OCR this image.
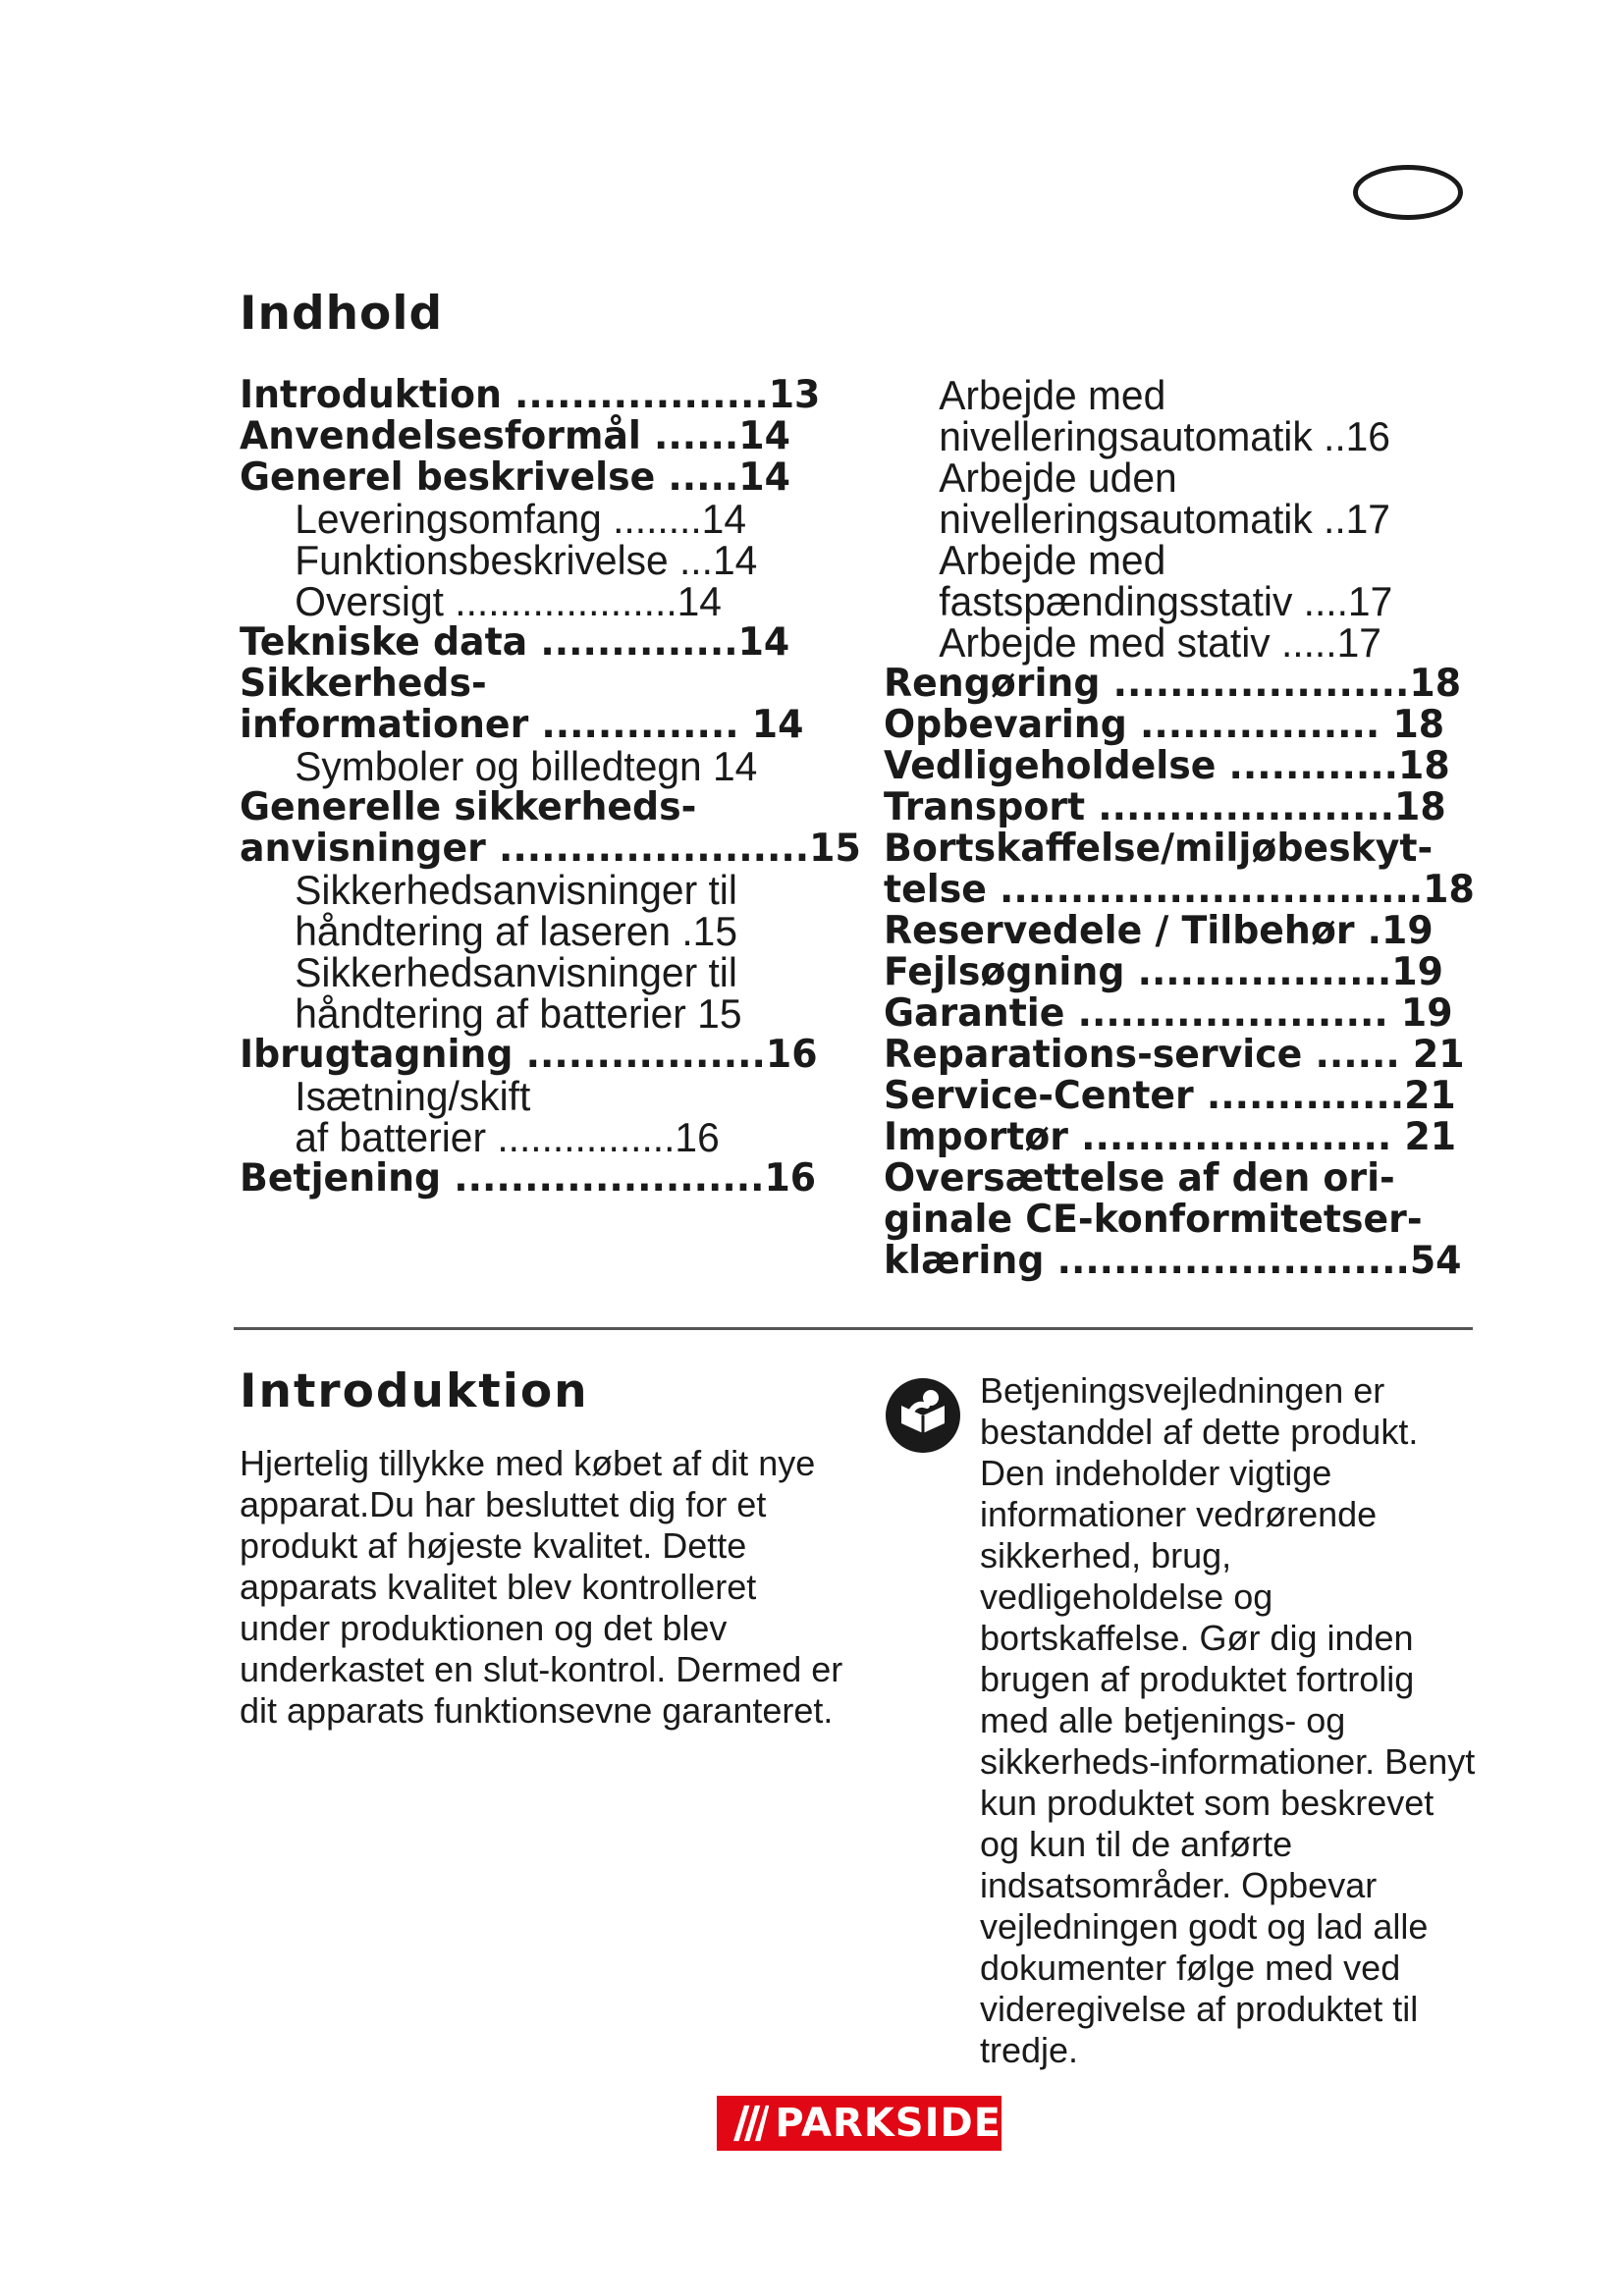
Indhold
Introduktion ..................13
Anvendelsesformål ......14
Generel beskrivelse .....14
Leveringsomfang ........14
Funktionsbeskrivelse ...14
Oversigt ....................14
Tekniske data ..............14
Sikkerheds-
informationer .............. 14
Symboler og billedtegn 14
Generelle sikkerheds-
anvisninger ......................15
Sikkerhedsanvisninger til
håndtering af laseren .15
Sikkerhedsanvisninger til
håndtering af batterier 15
Ibrugtagning .................16
Isætning/skift
af batterier ................16
Betjening ......................16
Arbejde med
nivelleringsautomatik ..16
Arbejde uden
nivelleringsautomatik ..17
Arbejde med
fastspændingsstativ ....17
Arbejde med stativ .....17
Rengøring .....................18
Opbevaring ................. 18
Vedligeholdelse ............18
Transport .....................18
Bortskaffelse/miljøbeskyt-
telse ..............................18
Reservedele / Tilbehør .19
Fejlsøgning ..................19
Garantie ...................... 19
Reparations-service ...... 21
Service-Center ..............21
Importør ...................... 21
Oversættelse af den ori-
ginale CE-konformitetser-
klæring .........................54
Introduktion

Hjertelig tillykke med købet af dit nye apparat.Du har besluttet dig for et produkt af højeste kvalitet. Dette apparats kvalitet blev kontrolleret under produktionen og det blev underkastet en slut-kontrol. Dermed er dit apparats funktionsevne garanteret.

Betjeningsvejledningen er bestanddel af dette produkt. Den indeholder vigtige informationer vedrørende sikkerhed, brug, vedligeholdelse og bortskaffelse. Gør dig inden brugen af produktet fortrolig med alle betjenings- og sikkerheds-informationer. Benyt kun produktet som beskrevet og kun til de anførte indsatsområder. Opbevar vejledningen godt og lad alle dokumenter følge med ved videregivelse af produktet til tredje.

PARKSIDE
